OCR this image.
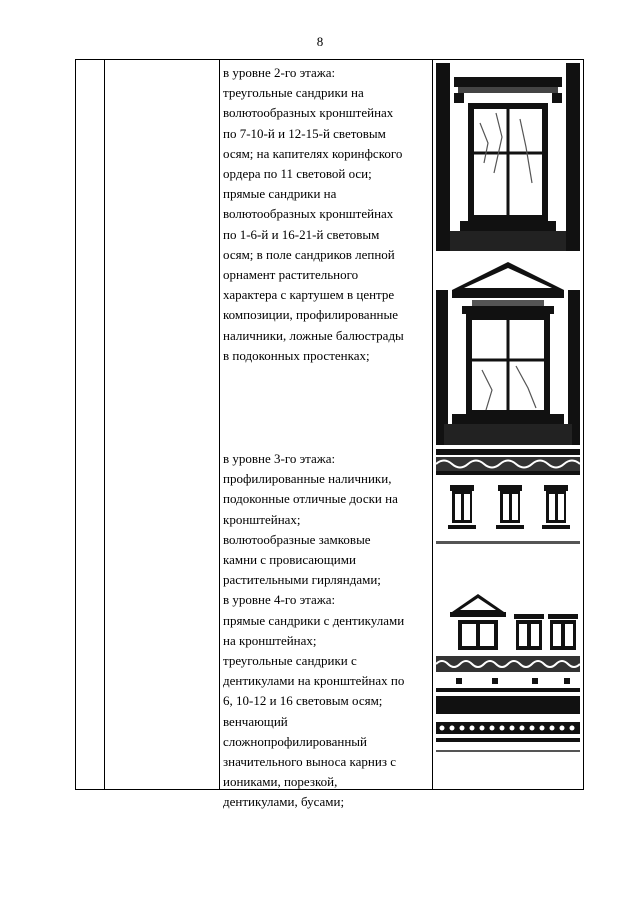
8
в уровне 2-го этажа:
треугольные сандрики на
волютообразных кронштейнах
по 7-10-й и 12-15-й световым
осям; на капителях коринфского
ордера по 11 световой оси;
прямые сандрики на
волютообразных кронштейнах
по 1-6-й и 16-21-й световым
осям; в поле сандриков лепной
орнамент растительного
характера с картушем в центре
композиции, профилированные
наличники, ложные балюстрады
в подоконных простенках;
в уровне 3-го этажа:
профилированные наличники,
подоконные отличные доски на
кронштейнах;
волютообразные замковые
камни с провисающими
растительными гирляндами;
в уровне 4-го этажа:
прямые сандрики с дентикулами
на кронштейнах;
треугольные сандрики с
дентикулами на кронштейнах по
6, 10-12 и 16 световым осям;
венчающий
сложнопрофилированный
значительного выноса карниз с
иониками, порезкой,
дентикулами, бусами;
